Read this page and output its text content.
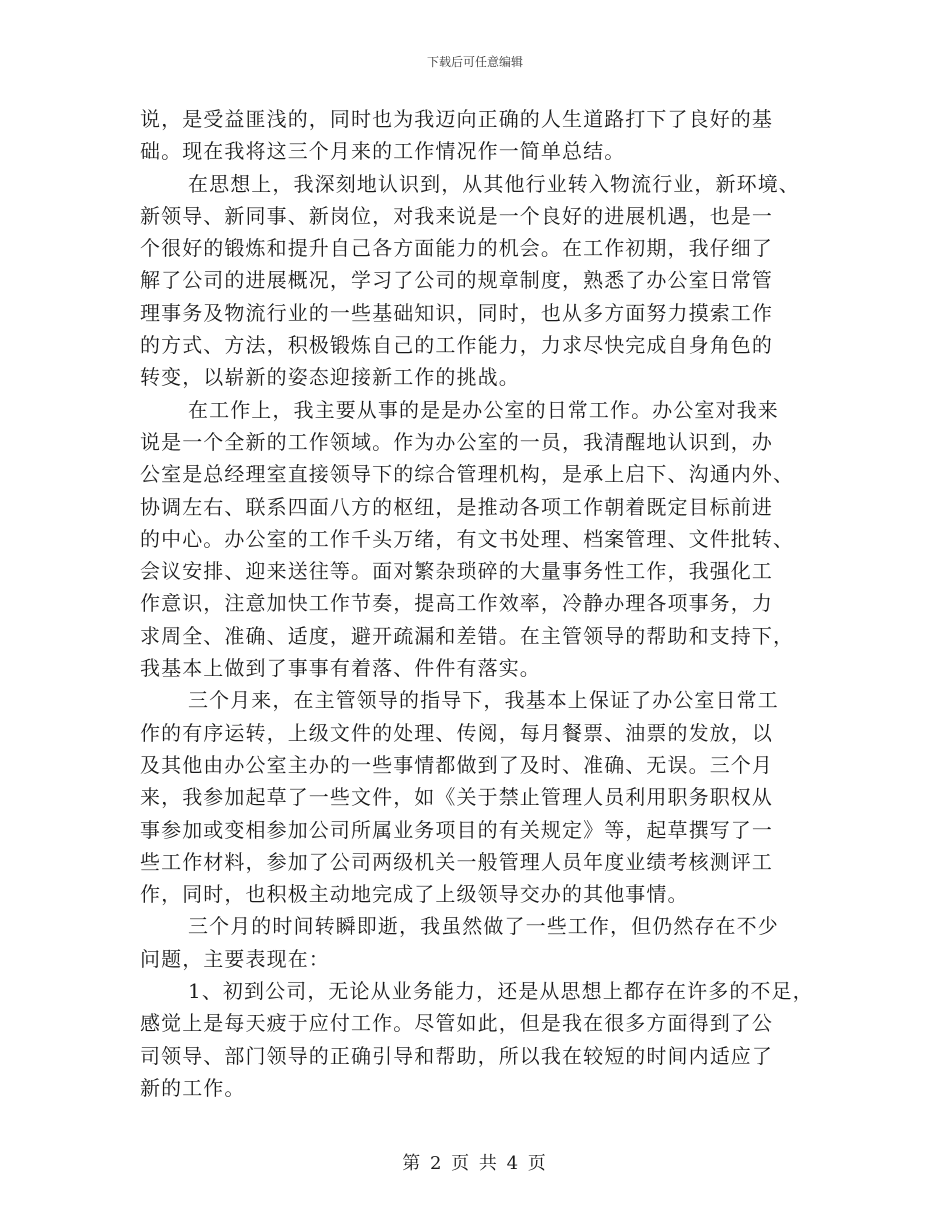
下载后可任意编辑
说，是受益匪浅的，同时也为我迈向正确的人生道路打下了良好的基
础。现在我将这三个月来的工作情况作一简单总结。
在思想上，我深刻地认识到，从其他行业转入物流行业，新环境、
新领导、新同事、新岗位，对我来说是一个良好的进展机遇，也是一
个很好的锻炼和提升自己各方面能力的机会。在工作初期，我仔细了
解了公司的进展概况，学习了公司的规章制度，熟悉了办公室日常管
理事务及物流行业的一些基础知识，同时，也从多方面努力摸索工作
的方式、方法，积极锻炼自己的工作能力，力求尽快完成自身角色的
转变，以崭新的姿态迎接新工作的挑战。
在工作上，我主要从事的是是办公室的日常工作。办公室对我来
说是一个全新的工作领域。作为办公室的一员，我清醒地认识到，办
公室是总经理室直接领导下的综合管理机构，是承上启下、沟通内外、
协调左右、联系四面八方的枢纽，是推动各项工作朝着既定目标前进
的中心。办公室的工作千头万绪，有文书处理、档案管理、文件批转、
会议安排、迎来送往等。面对繁杂琐碎的大量事务性工作，我强化工
作意识，注意加快工作节奏，提高工作效率，冷静办理各项事务，力
求周全、准确、适度，避开疏漏和差错。在主管领导的帮助和支持下，
我基本上做到了事事有着落、件件有落实。
三个月来，在主管领导的指导下，我基本上保证了办公室日常工
作的有序运转，上级文件的处理、传阅，每月餐票、油票的发放，以
及其他由办公室主办的一些事情都做到了及时、准确、无误。三个月
来，我参加起草了一些文件，如《关于禁止管理人员利用职务职权从
事参加或变相参加公司所属业务项目的有关规定》等，起草撰写了一
些工作材料，参加了公司两级机关一般管理人员年度业绩考核测评工
作，同时，也积极主动地完成了上级领导交办的其他事情。
三个月的时间转瞬即逝，我虽然做了一些工作，但仍然存在不少
问题，主要表现在：
1、初到公司，无论从业务能力，还是从思想上都存在许多的不足，
感觉上是每天疲于应付工作。尽管如此，但是我在很多方面得到了公
司领导、部门领导的正确引导和帮助，所以我在较短的时间内适应了
新的工作。
第 2 页 共 4 页
